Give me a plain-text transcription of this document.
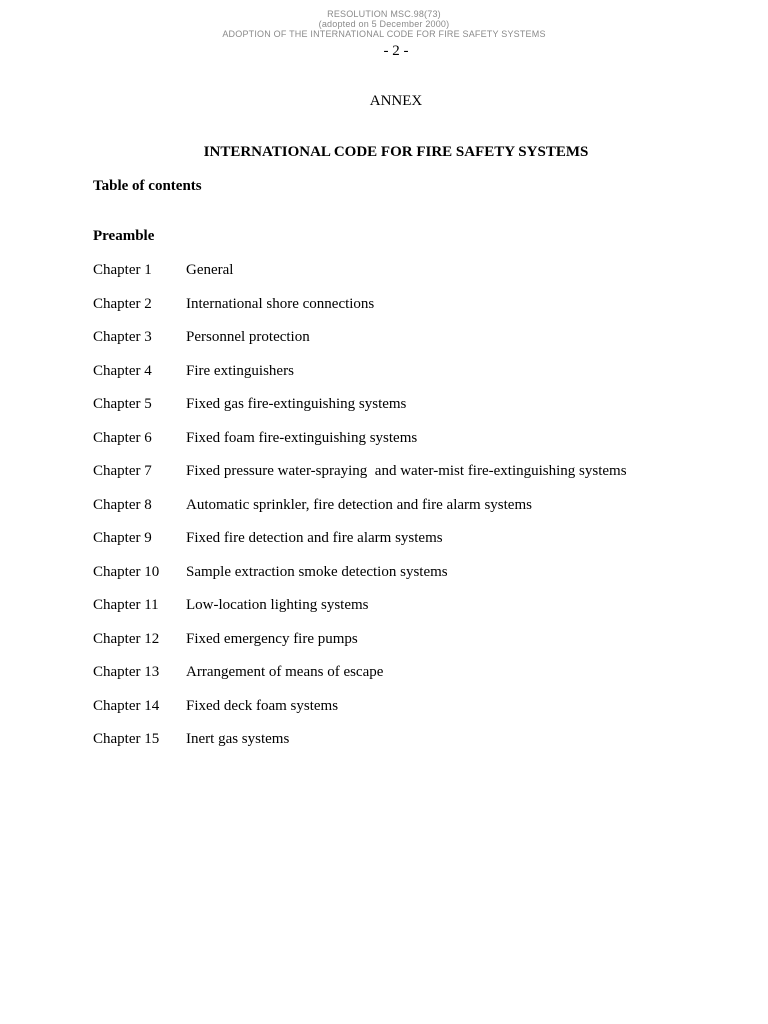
RESOLUTION MSC.98(73)
(adopted on 5 December 2000)
ADOPTION OF THE INTERNATIONAL CODE FOR FIRE SAFETY SYSTEMS
- 2 -
ANNEX
INTERNATIONAL CODE FOR FIRE SAFETY SYSTEMS
Table of contents
Preamble
Chapter 1	General
Chapter 2	International shore connections
Chapter 3	Personnel protection
Chapter 4	Fire extinguishers
Chapter 5	Fixed gas fire-extinguishing systems
Chapter 6	Fixed foam fire-extinguishing systems
Chapter 7	Fixed pressure water-spraying  and water-mist fire-extinguishing systems
Chapter 8	Automatic sprinkler, fire detection and fire alarm systems
Chapter 9	Fixed fire detection and fire alarm systems
Chapter 10	Sample extraction smoke detection systems
Chapter 11	Low-location lighting systems
Chapter 12	Fixed emergency fire pumps
Chapter 13	Arrangement of means of escape
Chapter 14	Fixed deck foam systems
Chapter 15	Inert gas systems
